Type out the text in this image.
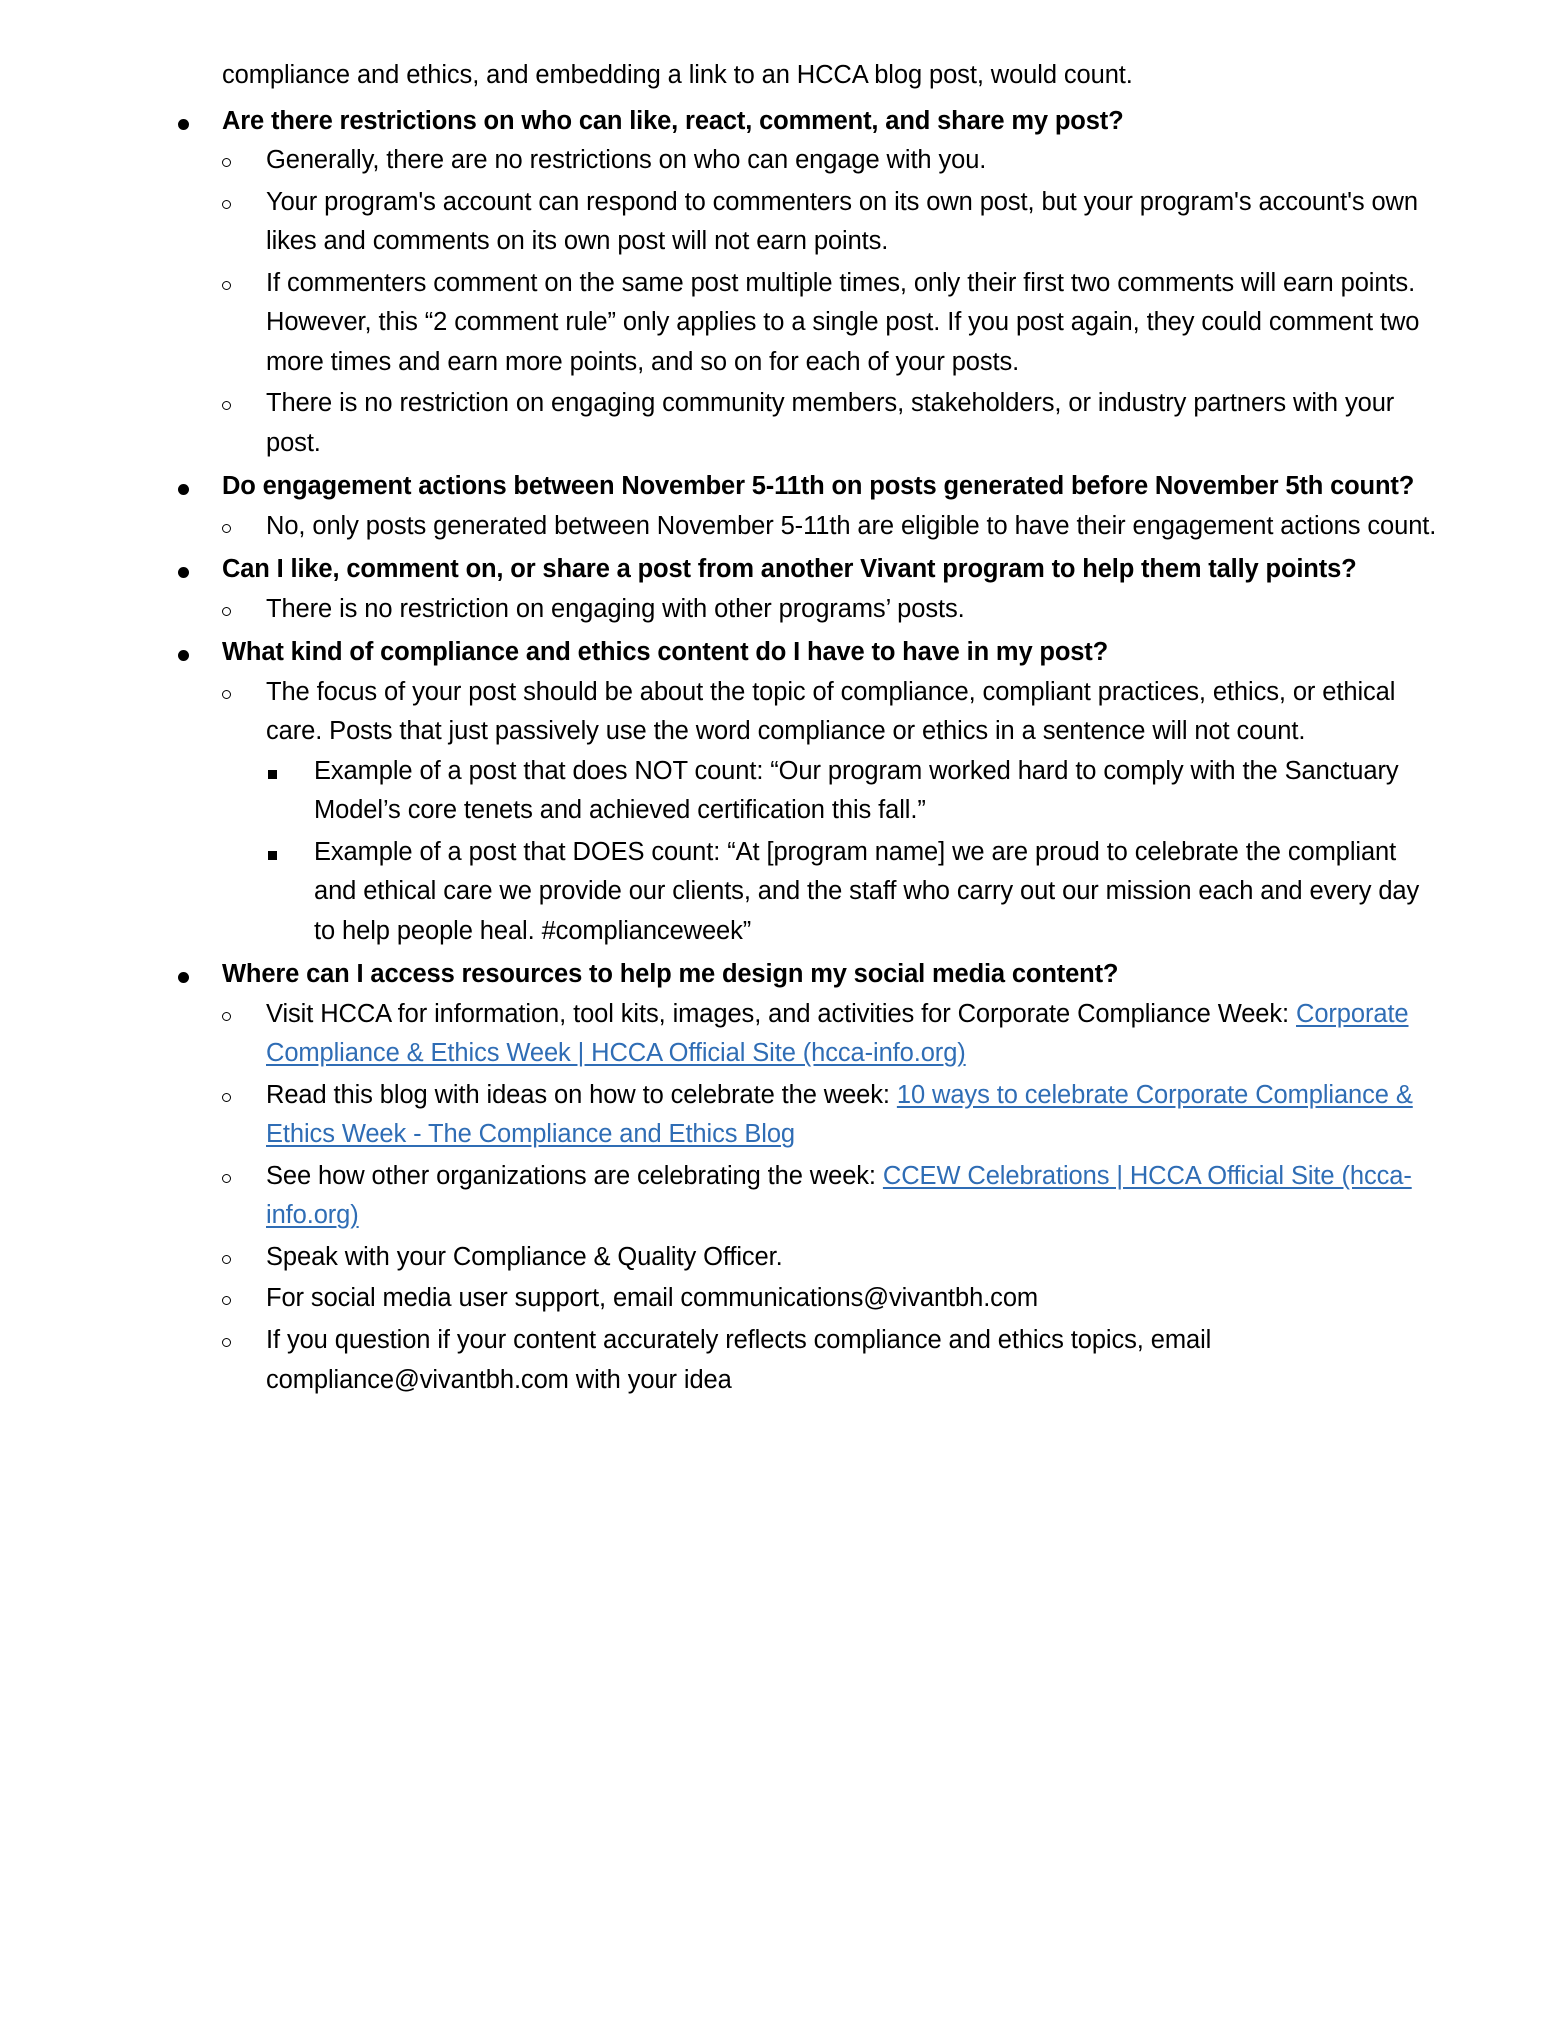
compliance and ethics, and embedding a link to an HCCA blog post, would count.

Are there restrictions on who can like, react, comment, and share my post?
Generally, there are no restrictions on who can engage with you.
Your program's account can respond to commenters on its own post, but your program's account's own likes and comments on its own post will not earn points.
If commenters comment on the same post multiple times, only their first two comments will earn points. However, this “2 comment rule” only applies to a single post. If you post again, they could comment two more times and earn more points, and so on for each of your posts.
There is no restriction on engaging community members, stakeholders, or industry partners with your post.
Do engagement actions between November 5-11th on posts generated before November 5th count?
No, only posts generated between November 5-11th are eligible to have their engagement actions count.
Can I like, comment on, or share a post from another Vivant program to help them tally points?
There is no restriction on engaging with other programs’ posts.
What kind of compliance and ethics content do I have to have in my post?
The focus of your post should be about the topic of compliance, compliant practices, ethics, or ethical care. Posts that just passively use the word compliance or ethics in a sentence will not count.
Example of a post that does NOT count: “Our program worked hard to comply with the Sanctuary Model’s core tenets and achieved certification this fall.”
Example of a post that DOES count: “At [program name] we are proud to celebrate the compliant and ethical care we provide our clients, and the staff who carry out our mission each and every day to help people heal. #complianceweek”
Where can I access resources to help me design my social media content?
Visit HCCA for information, tool kits, images, and activities for Corporate Compliance Week: Corporate Compliance & Ethics Week | HCCA Official Site (hcca-info.org)
Read this blog with ideas on how to celebrate the week: 10 ways to celebrate Corporate Compliance & Ethics Week - The Compliance and Ethics Blog
See how other organizations are celebrating the week: CCEW Celebrations | HCCA Official Site (hcca-info.org)
Speak with your Compliance & Quality Officer.
For social media user support, email communications@vivantbh.com
If you question if your content accurately reflects compliance and ethics topics, email compliance@vivantbh.com with your idea
